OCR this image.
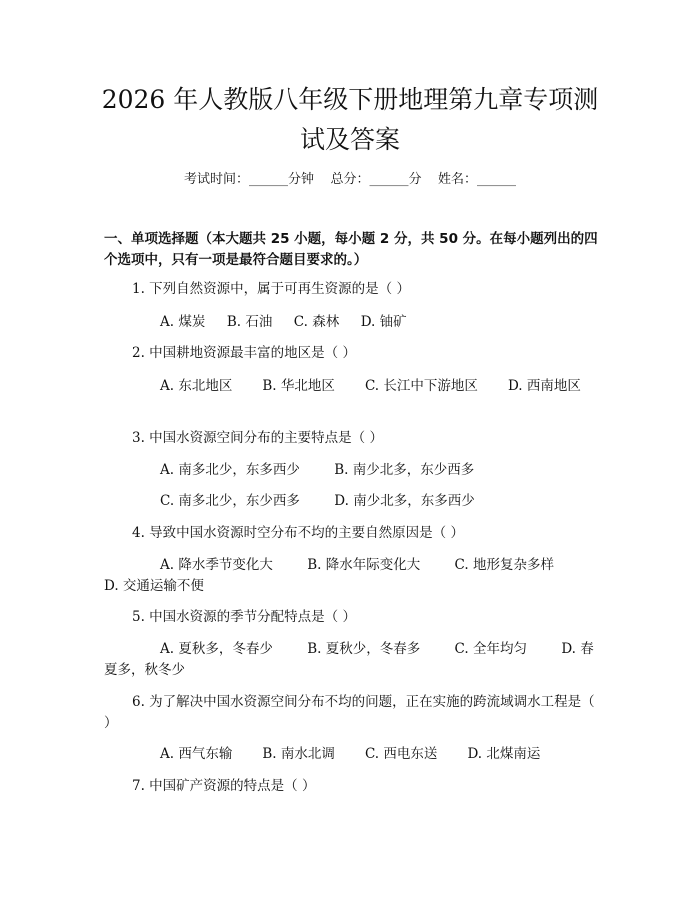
2026 年人教版八年级下册地理第九章专项测
试及答案
考试时间：______分钟    总分：______分    姓名：______
一、单项选择题（本大题共 25 小题，每小题 2 分，共 50 分。在每小题列出的四个选项中，只有一项是最符合题目要求的。）
1. 下列自然资源中，属于可再生资源的是（ ）
A. 煤炭 B. 石油 C. 森林 D. 铀矿
2. 中国耕地资源最丰富的地区是（ ）
A. 东北地区 B. 华北地区 C. 长江中下游地区 D. 西南地区
3. 中国水资源空间分布的主要特点是（ ）
A. 南多北少，东多西少	B. 南少北多，东少西多
C. 南多北少，东少西多	D. 南少北多，东多西少
4. 导致中国水资源时空分布不均的主要自然原因是（ ）
A. 降水季节变化大	B. 降水年际变化大	C. 地形复杂多样        D. 交通运输不便
5. 中国水资源的季节分配特点是（ ）
A. 夏秋多，冬春少	B. 夏秋少，冬春多	C. 全年均匀	D. 春夏多，秋冬少
6. 为了解决中国水资源空间分布不均的问题，正在实施的跨流域调水工程是（ ）
A. 西气东输 B. 南水北调 C. 西电东送 D. 北煤南运
7. 中国矿产资源的特点是（ ）
